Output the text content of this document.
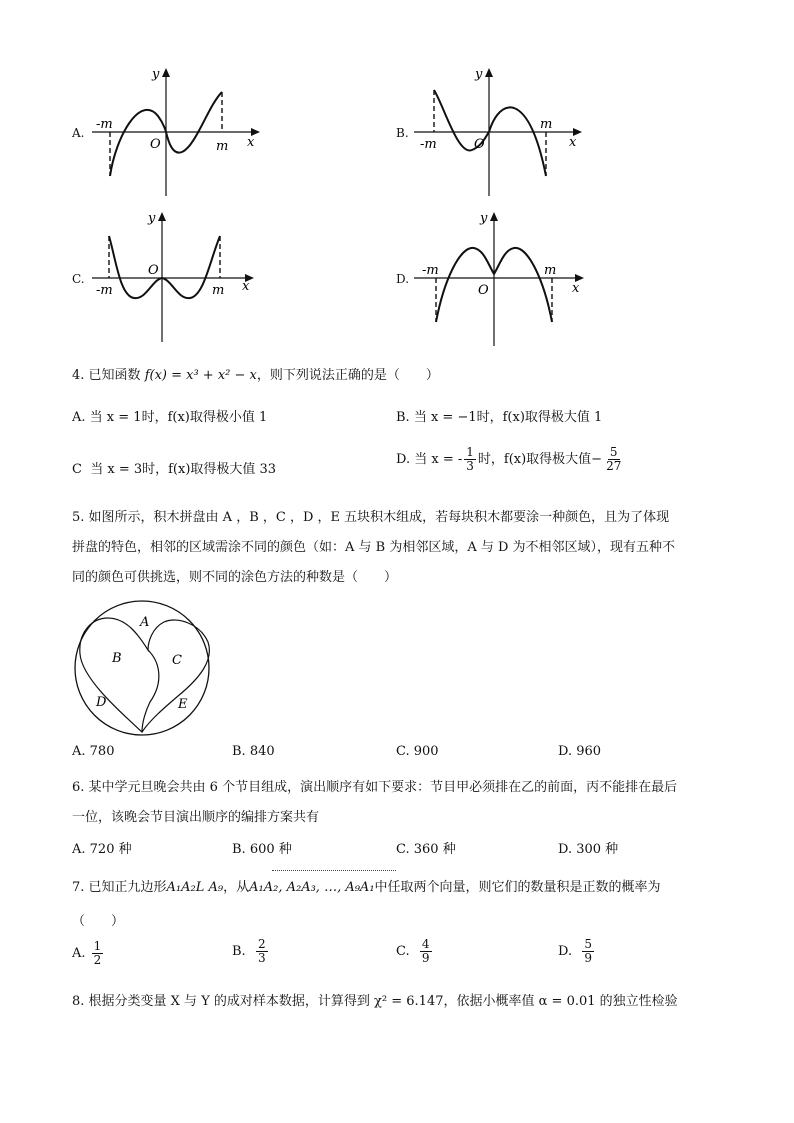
A.
-m
m
O
y
x
B.
-m
m
O
y
x
C.
-m	m
O
y
x	D.
-m	m
O
y
x
4. 已知函数 f(x) = x³ + x² − x，则下列说法正确的是（　　）
A. 当 x = 1时，f(x)取得极小值 1	B. 当 x = −1时，f(x)取得极大值 1
C 当 x = 3时，f(x)取得极大值 33
D. 当 x = - $\frac{1}{3}$ 时，f(x)取得极大值− $\frac{5}{27}$
5. 如图所示，积木拼盘由 A ，B ，C ，D ，E 五块积木组成，若每块积木都要涂一种颜色，且为了体现
拼盘的特色，相邻的区域需涂不同的颜色（如：A 与 B 为相邻区域，A 与 D 为不相邻区域），现有五种不
同的颜色可供挑选，则不同的涂色方法的种数是（　　）
A
B	C
D	E
A. 780	B. 840	C. 900	D. 960
6. 某中学元旦晚会共由 6 个节目组成，演出顺序有如下要求：节目甲必须排在乙的前面，丙不能排在最后
一位，该晚会节目演出顺序的编排方案共有
A. 720 种	B. 600 种	C. 360 种	D. 300 种
7. 已知正九边形A₁A₂L A₉，从A₁A₂, A₂A₃, …, A₉A₁中任取两个向量，则它们的数量积是正数的概率为
（　　）
A. $\frac{1}{2}$	B. $\frac{2}{3}$	C. $\frac{4}{9}$	D. $\frac{5}{9}$
8. 根据分类变量 X 与 Y 的成对样本数据，计算得到 χ² = 6.147，依据小概率值 α = 0.01 的独立性检验
